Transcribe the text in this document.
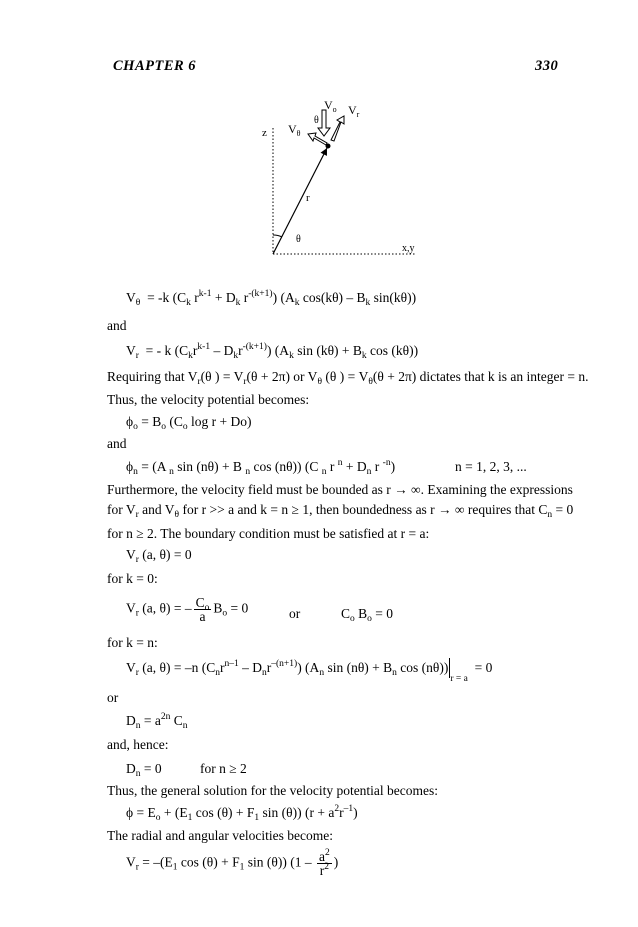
CHAPTER 6	330
$V_o$ $V_r$
$V_\theta$
θ
z
r
θ
x,y
$V_\theta = -k$ ($C_k$ $r^{k-1} + D_k$ $r^{-(k+1)}$) ($A_k$ $\cos(k\theta) - B_k$ sin(kθ))
and
$V_r$  = - k $(C_kr^{k-1} - D_kr^{-(k+1)})$ ($A_k$ $\sin (k\theta) + B_k$ cos (kθ))
Requiring that $V_r(\theta$ ) = $V_r(\theta + 2\pi)$ or $V_\theta$ (θ ) = $V_\theta(\theta + 2\pi)$ dictates that k is an integer = n.
Thus, the velocity potential becomes:
$\phi_o = B_o$ ($C_o$ log r + Do)
and
$\phi_n = (A$ $_n$ sin (nθ) + B $_n$ cos (nθ)) (C $_n$ r $^n + D_n$ r $^{-n}$)	n = 1, 2, 3, ...
Furthermore, the velocity field must be bounded as r → ∞. Examining the expressions
for $V_r$ and $V_\theta$ for r >> a and k = n ≥ 1, then boundedness as r → ∞ requires that $C_n = 0$
for n ≥ 2. The boundary condition must be satisfied at r = a:
$V_r$ (a, θ) = 0
for k = 0:
$V_r$ (a, θ) = – $\frac{C_o}{a} B_o = 0$	or	$C_o$ $B_o = 0$
for k = n:
$V_r$ (a, θ) = –n $(C_nr^{n-1} - D_nr^{-(n+1)})$ ($A_n$ $\sin (n\theta) + B_n$ $\cos (n\theta))_{r = a} = 0$
or
$D_n = a^{2n}$ $C_n$
and, hence:
$D_n = 0$	for n ≥ 2
Thus, the general solution for the velocity potential becomes:
$\phi = E_o + (E_1$ $\cos (\theta) + F_1$ sin (θ)) $(r + a^2r^{-1})$
The radial and angular velocities become:
$V_r = -(E_1$ $\cos (\theta) + F_1$ sin (θ)) ($1 - \frac{a^2}{r^2}$ )
